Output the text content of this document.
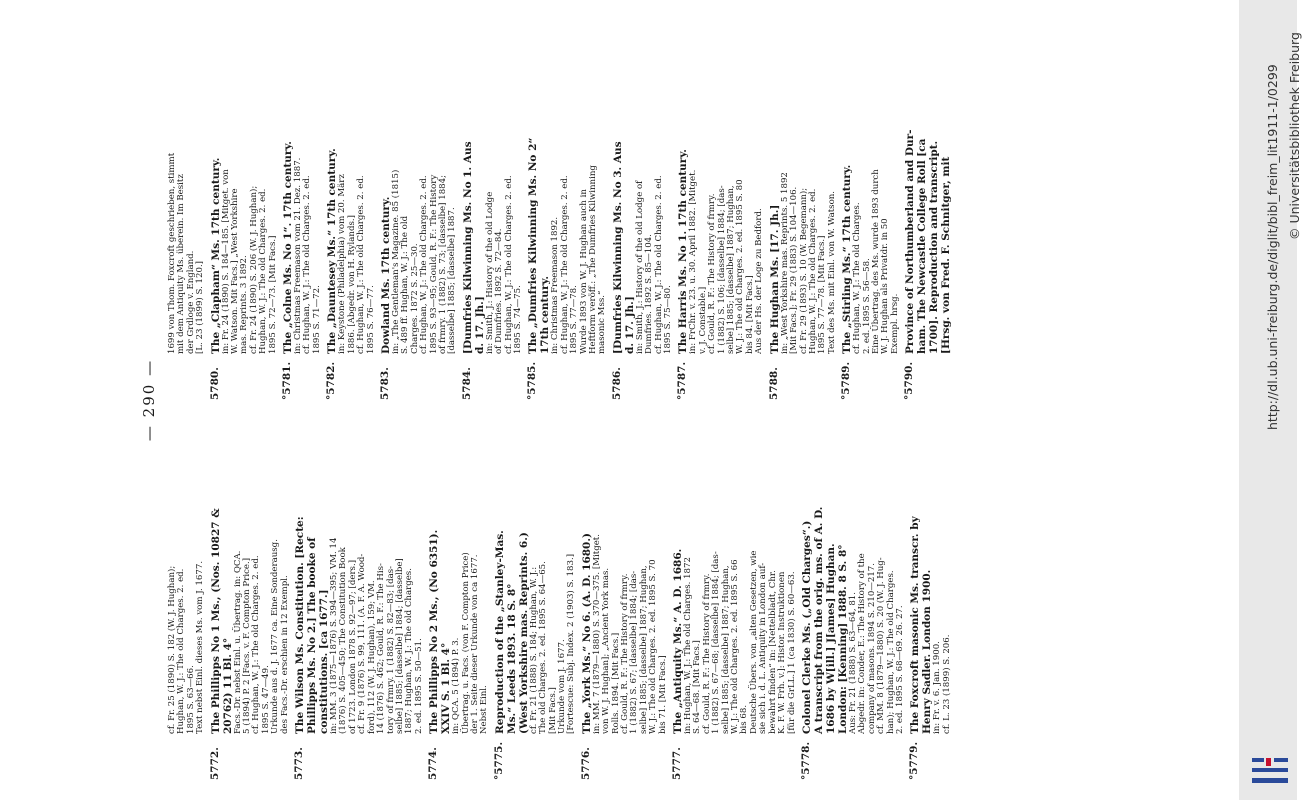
— 290 —
cf. Fr. 25 (1890) S. 182 (W. J. Hughan); Hughan, W. J.: The old Charges. 2. ed. 1895 S. 63—66. Text nebst Einl. dieses Ms. vom J. 1677.
5772.
The Phillipps No 1 Ms., (Nos. 10827 & 20762) 11 Bl. 4° Facs.-Dr. nebst Einl. u. Übertrag. in: QCA. 5 (1894) P. 2 [Facs. v. F. Compton Price.] cf. Hughan, W. J.: The old Charges. 2. ed. 1895 S. 47—49. Urkunde aus d. J. 1677 ca. Eine Sonderausg. des Facs.-Dr. erschien in 12 Exempl.
5773.
The Wilson Ms. Constitution. [Recte: Phillipps Ms. No 2.] The booke of constitutions. [ca 1677.] in: MM. 3 (1875—1876) S. 394—395; VM. 14 (1876) S. 405—450; The Constitution Book of 1723. London 1878 S. 92—97; [ders.] cf. Fr. 9 (1876) S. 99, 111. (A. F. A. Wood- ford), 112 (W. J. Hughan), 159; VM. 14 (1876) S. 462; Gould, R. F.: The His- tory of frmry. 1 (1882) S. 82—83; [das- selbe] 1885; [dasselbe] 1884; [dasselbe] 1887; Hughan, W. J.: The old Charges. 2. ed. 1895 S. 50—51.
5774.
The Phillipps No 2 Ms., (No 6351). XXIV S. 1 Bl. 4° in: QCA. 5 (1894) P. 3. Übertrag. u. Facs. (von F. Compton Price) der 1. Seite dieser Urkunde von ca 1677. Nebst Einl.
°5775.
Reproduction of the „Stanley-Mas. Ms.“ Leeds 1893. 18 S. 8° (West Yorkshire mas. Reprints. 6.) cf. Fr. 21 (1888) S. 184; Hughan, W. J.: The old Charges. 2. ed. 1895 S. 64—65. [Mit Facs.] Urkunde vom J. 1677. [Fortescue: Subj. Index. 2 (1903) S. 183.]
5776.
The „York Ms.“ No 6. (A. D. 1680.) in: MM. 7 (1879—1880) S. 370—375. [Mitget. von W. J. Hughan]; „Ancient York mas. Rolls. 1894. [Mit Facs.] cf. Gould, R. F.: The History of frmry. 1 (1882) S. 67; [dasselbe] 1884; [das- selbe] 1885; [dasselbe] 1887; Hughan, W. J.: The old Charges. 2. ed. 1895 S. 70 bis 71. [Mit Facs.]
5777.
The „Antiquity Ms.“ A. D. 1686. in: Hughan, W. J.: The old Charges. 1872 S. 64—68. [Mit Facs.] cf. Gould, R. F.: The History of frmry. 1 (1882) S. 67—68; [dasselbe] 1884; [das- selbe] 1885; [dasselbe] 1887; Hughan, W. J.: The old Charges. 2. ed. 1895 S. 66 bis 68. Deutsche Übers. von „alten Gesetzen, wie sie sich i. d. L. Antiquity in London auf- bewahrt finden“ in: [Nettelbladt, Chr. K. F. W. Frh. v.]: Histor. Instruktionen [für die GrLL.] 1 (ca 1830) S. 60—63.
°5778.
Colonel Clerke Ms. („Old Charges“.) A transcript from the orig. ms. of A. D. 1686 by W[ill.] J[ames] Hughan. London: [Kenning] 1888. 8 S. 8° Aus: Fr. 21 (1888) S. 63—64, 81. Abgedr. in: Conder, E.: The History of the company of masons. 1894 S. 210—217. cf. MM. 8 (1879—1880) S. 20 (W. J. Hug- han); Hughan, W. J.: The old Charges. 2. ed. 1895 S. 68—69. 26. 27.
°5779.
The Foxcroft masonic Ms. transcr. by Henry Sadler. London 1900. in: Fr. v. 6. Jan. 1900. cf. L. 23 (1899) S. 206.
1699 von Thom. Foxcroft geschrieben, stimmt mit dem Antiquity Ms. überein. Im Besitz der Grdloge v. England. [L. 23 (1899) S. 120.]
5780.
The „Clapham“ Ms. 17th century. in: Fr. 24 (1890) S. 184—185. [Mitget. von W. Watson. Mit Facs.] „West Yorkshire mas. Reprints. 3 1892. cf. Fr. 24 (1890) S. 206 (W. J. Hughan); Hughan, W. J.: The old Charges. 2. ed. 1895 S. 72—73. [Mit Facs.]
°5781.
The „Colne Ms. No 1“. 17th century. in: Christmas Freemason vom 21. Dez. 1887. cf. Hughan, W. J.: The old Charges. 2. ed. 1895 S. 71—72.
°5782.
The „Dauntesey Ms.“ 17th century. in: Keystone (Philadelphia) vom 20. März 1886. [Abgedr. von H. Rylands.] cf. Hughan, W. J.: The old Charges. 2. ed. 1895 S. 76—77.
5783.
Dowland Ms. 17th century. in: „The Gentleman's Magazine. 85 (1815) S. 489 ff. Hughan, W. J.: The old Charges. 1872 S. 25—30. cf. Hughan, W. J.: The old Charges. 2. ed. 1895 S. 93—95; Gould, R. F.: The History of frmry. 1 (1882) S. 73; [dasselbe] 1884; [dasselbe] 1885; [dasselbe] 1887.
5784.
[Dumfries Kilwinning Ms. No 1. Aus d. 17. Jh.] in: Smith, J.: History of the old Lodge of Dumfries. 1892 S. 72—84. cf. Hughan, W. J.: The old Charges. 2. ed. 1895 S. 74—75.
°5785.
The „Dumfries Kilwinning Ms. No 2“ 17th century. in: Christmas Freemason 1892. cf. Hughan, W. J.: The old Charges. 2. ed. 1895 S. 77—78. Wurde 1893 von W. J. Hughan auch in Heftform veröff.: „The Dumfries Kilwinning masonic Mss.“
5786.
[Dumfries Kilwinning Ms. No 3. Aus d. 17. Jh.] in: Smith, J.: History of the old Lodge of Dumfries. 1892 S. 85—104. cf. Hughan, W. J.: The old Charges. 2. ed. 1895 S. 75—80.
°5787.
The Harris Ms. No 1. 17th century. in: FrChr. v. 23. u. 30. April 1882. [Mitget. v. J. Constable.] cf. Gould, R. F.: The History of frmry. 1 (1882) S. 106; [dasselbe] 1884; [das- selbe] 1885; [dasselbe] 1887; Hughan, W. J.: The old Charges. 2. ed. 1895 S. 80 bis 84. [Mit Facs.] Aus der Hs. der Loge zu Bedford.
5788.
The Hughan Ms. [17. Jh.] in: „West Yorkshire mas. Reprints. 5 1892 [Mit Facs.]; Fr. 29 (1883) S. 104—106. cf. Fr. 29 (1893) S. 10 (W. Begemann); Hughan, W. J.: The old Charges. 2. ed. 1895 S. 77—78. [Mit Facs.] Text des Ms. mit Einl. von W. Watson.
°5789.
The „Stirling Ms.“ 17th century. cf. Hughan, W. J.: The old Charges. 2. ed. 1895 S. 56—58. Eine Übertrag. des Ms. wurde 1893 durch W. J. Hughan als Privatdr. in 50 Exempl. hrsg.
°5790.
Province of Northumberland and Dur- ham. The Newcastle College Roll [ca 1700]. Reproduction and transcript. [Hrsg. von Fred. F. Schnitger, mit	http://dl.ub.uni-freiburg.de/diglit/bibl_freim_lit1911-1/0299 © Universitätsbibliothek Freiburg
